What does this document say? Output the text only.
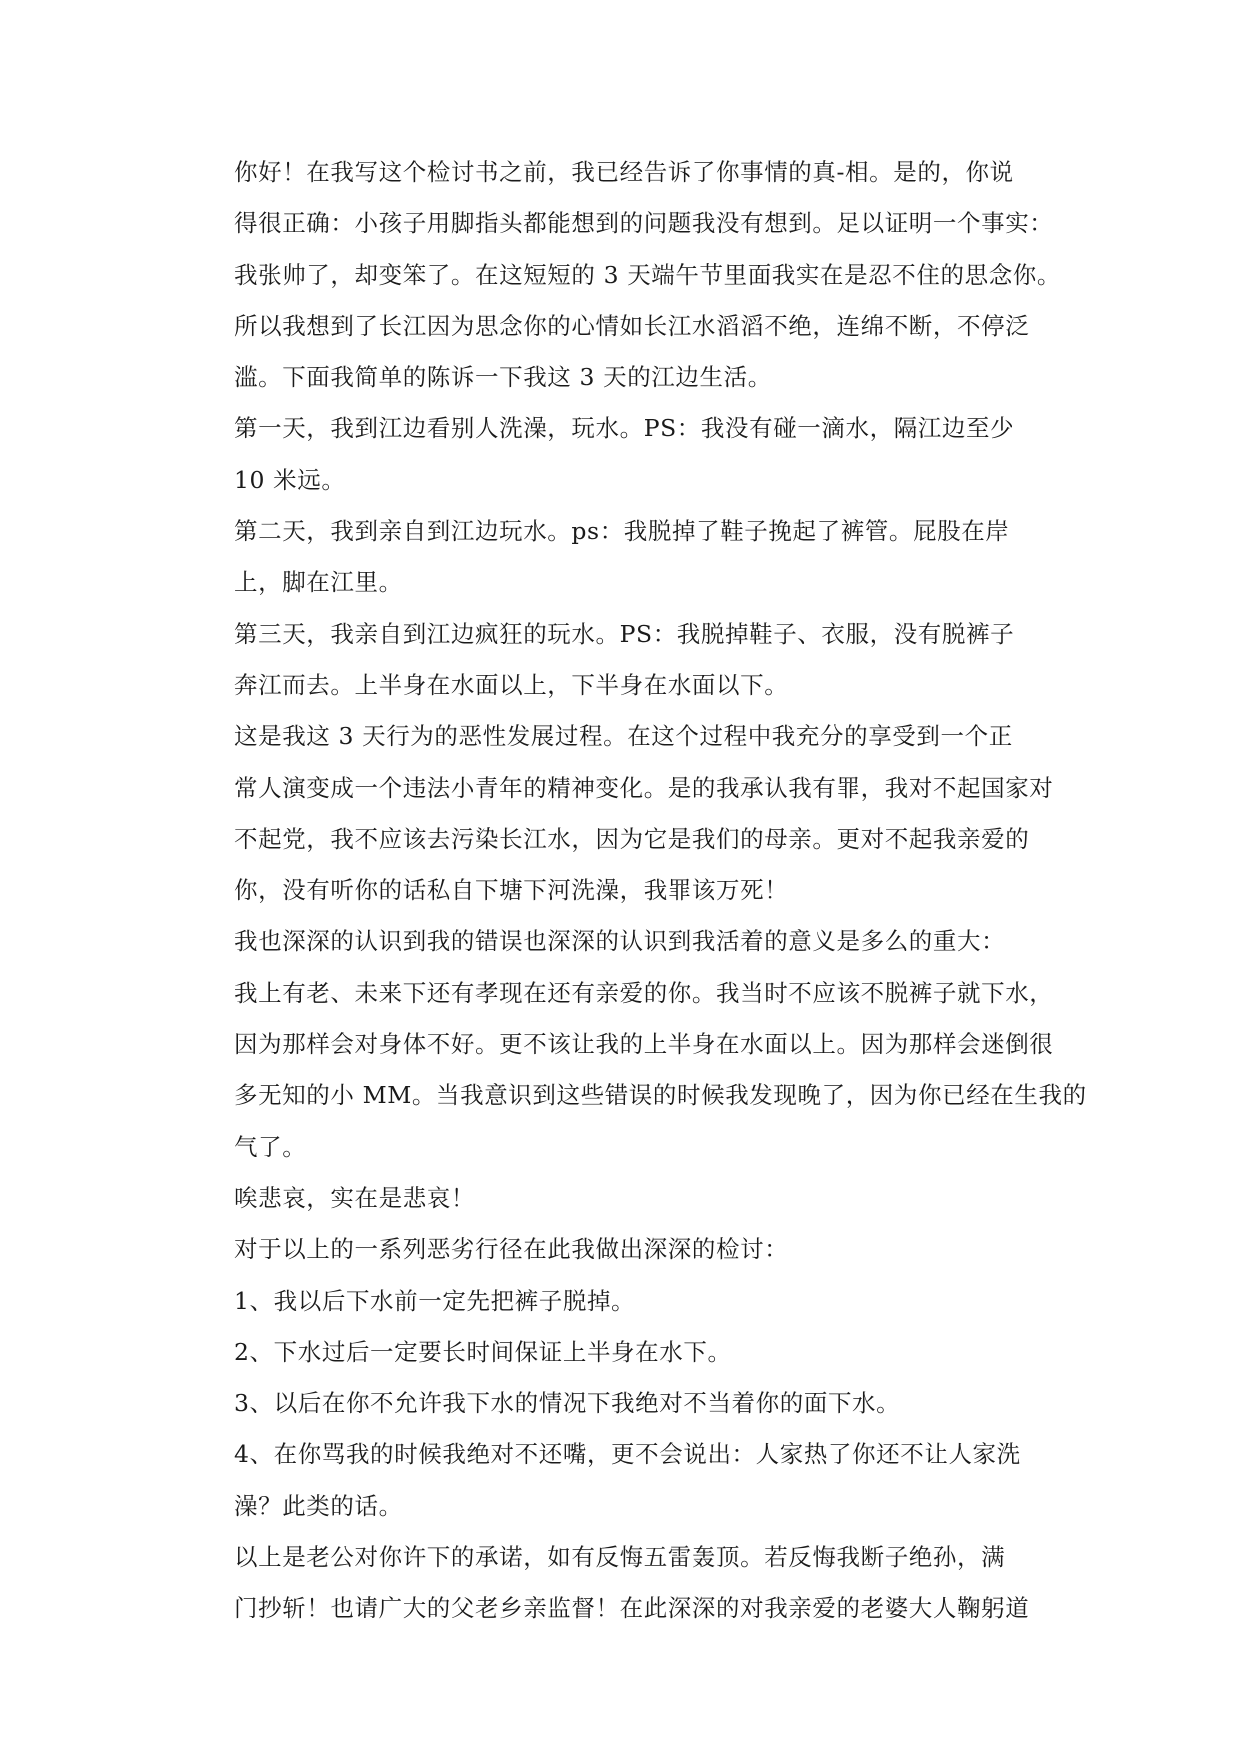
你好！在我写这个检讨书之前，我已经告诉了你事情的真-相。是的，你说
得很正确：小孩子用脚指头都能想到的问题我没有想到。足以证明一个事实：
我张帅了，却变笨了。在这短短的 3 天端午节里面我实在是忍不住的思念你。
所以我想到了长江因为思念你的心情如长江水滔滔不绝，连绵不断，不停泛
滥。下面我简单的陈诉一下我这 3 天的江边生活。

第一天，我到江边看别人洗澡，玩水。PS：我没有碰一滴水，隔江边至少
10 米远。

第二天，我到亲自到江边玩水。ps：我脱掉了鞋子挽起了裤管。屁股在岸
上，脚在江里。

第三天，我亲自到江边疯狂的玩水。PS：我脱掉鞋子、衣服，没有脱裤子
奔江而去。上半身在水面以上，下半身在水面以下。

这是我这 3 天行为的恶性发展过程。在这个过程中我充分的享受到一个正
常人演变成一个违法小青年的精神变化。是的我承认我有罪，我对不起国家对
不起党，我不应该去污染长江水，因为它是我们的母亲。更对不起我亲爱的
你，没有听你的话私自下塘下河洗澡，我罪该万死！

我也深深的认识到我的错误也深深的认识到我活着的意义是多么的重大：
我上有老、未来下还有孝现在还有亲爱的你。我当时不应该不脱裤子就下水，
因为那样会对身体不好。更不该让我的上半身在水面以上。因为那样会迷倒很
多无知的小 MM。当我意识到这些错误的时候我发现晚了，因为你已经在生我的
气了。

唉悲哀，实在是悲哀！

对于以上的一系列恶劣行径在此我做出深深的检讨：

1、我以后下水前一定先把裤子脱掉。

2、下水过后一定要长时间保证上半身在水下。

3、以后在你不允许我下水的情况下我绝对不当着你的面下水。

4、在你骂我的时候我绝对不还嘴，更不会说出：人家热了你还不让人家洗
澡？此类的话。

以上是老公对你许下的承诺，如有反悔五雷轰顶。若反悔我断子绝孙，满
门抄斩！也请广大的父老乡亲监督！在此深深的对我亲爱的老婆大人鞠躬道
